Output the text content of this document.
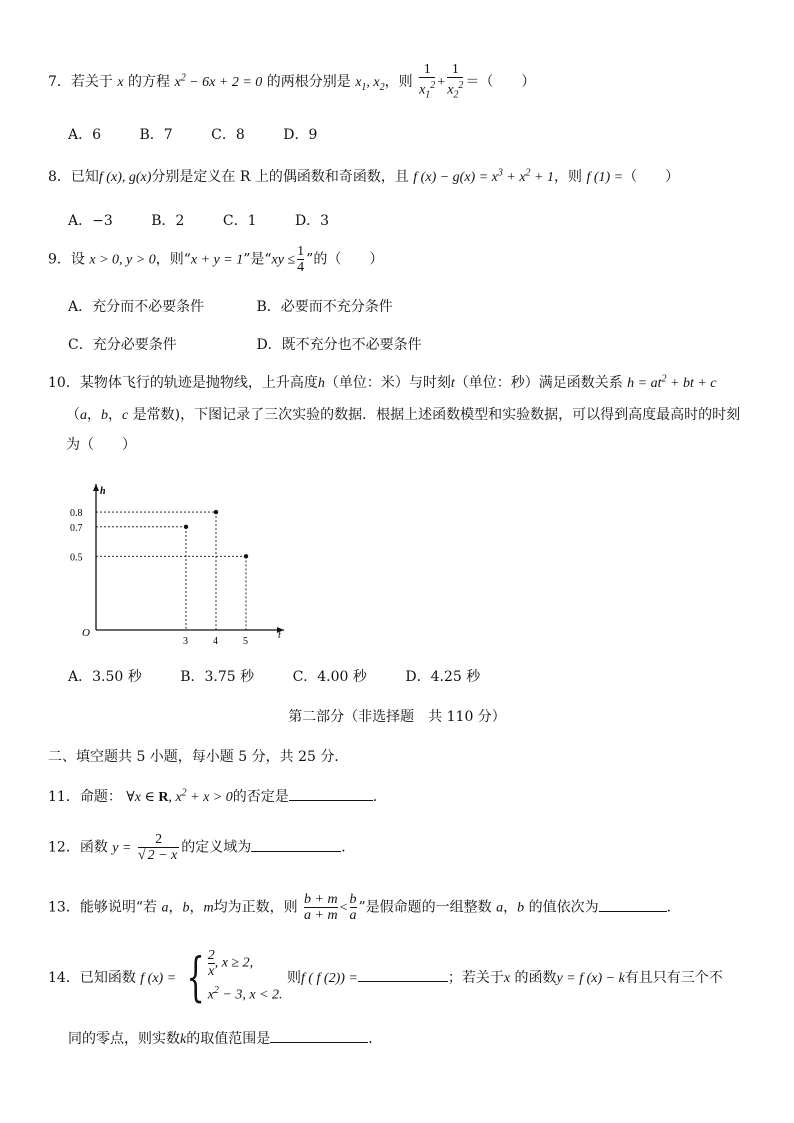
7．若关于 x 的方程 $x^2 - 6x + 2 = 0$ 的两根分别是 $x_1$, $x_2$，则 $\frac{1}{x_1^2} + \frac{1}{x_2^2}$ ＝（　　）
A．6	B．7	C．8	D．9
8．已知f (x), g(x)分别是定义在 R 上的偶函数和奇函数，且 f $(x) - g(x) = x^3 + x^2 + 1$，则 f (1) =（　　）
A．−3	B．2	C．1	D．3
9．设 x > 0, y > 0，则“x + y = 1”是“xy ≤ $\frac{1}{4}$ ”的（　　）
A．充分而不必要条件	B．必要而不充分条件
C．充分必要条件	D．既不充分也不必要条件
10．某物体飞行的轨迹是抛物线，上升高度h（单位：米）与时刻t（单位：秒）满足函数关系 $h = at^2$ + bt + c
（a，b，c 是常数)，下图记录了三次实验的数据．根据上述函数模型和实验数据，可以得到高度最高时的时刻
为（　　）
t
h
O
3
0.7
4
0.8
5
0.5
A．3.50 秒	B．3.75 秒	C．4.00 秒	D．4.25 秒
第二部分（非选择题　共 110 分）
二、填空题共 5 小题，每小题 5 分，共 25 分．
11．命题： ∀x ∈ R, $x^2 + x > 0$的否定是	．
12．函数 $y = \frac{2}{√ 2 - x}$ 的定义域为	．
13．能够说明“若 a，b，m均为正数，则 $\frac{b + m}{a + m} < \frac{b}{a}$ ”是假命题的一组整数 a，b 的值依次为	．
14．已知函数 f (x) = { $\frac{2}{x}$ , x ≥ 2,
$x^2 - 3$, x < 2.
则f ( f (2)) =	；若关于x 的函数y = f (x) − k有且只有三个不
同的零点，则实数k的取值范围是	．
